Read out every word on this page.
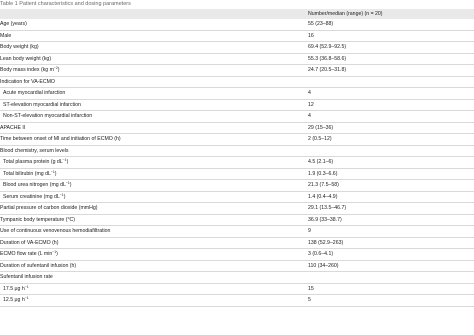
Table 1 Patient characteristics and dosing parameters
	Number/median (range) (n = 20)
Age (years)	55 (23–88)
Male	16
Body weight (kg)	69.4 (52.9–92.5)
Lean body weight (kg)	55.3 (36.8–58.6)
Body mass index (kg $m^{-2}$)	24.7 (20.5–31.8)
Indication for VA-ECMO	
Acute myocardial infarction	4
ST-elevation myocardial infarction	12
Non-ST-elevation myocardial infarction	4
APACHE II	29 (15–36)
Time between onset of MI and initiation of ECMO (h)	2 (0.5–12)
Blood chemistry, serum levels	
Total plasma protein (g $dL^{-1}$)	4.5 (2.1–6)
Total bilirubin (mg $dL^{-1}$)	1.9 (0.3–6.6)
Blood urea nitrogen (mg $dL^{-1}$)	21.3 (7.5–58)
Serum creatinine (mg $dL^{-1}$)	1.4 (0.4–4.9)
Partial pressure of carbon dioxide (mmHg)	29.1 (13.5–46.7)
Tympanic body temperature (°C)	36.9 (33–38.7)
Use of continuous venovenous hemodiafiltration	9
Duration of VA-ECMO (h)	138 (52.9–263)
ECMO flow rate (L $\min^{-1}$)	3 (0.6–4.1)
Duration of sufentanil infusion (h)	110 (34–260)
Sufentanil infusion rate	
17.5 μg $h^{-1}$	15
12.5 μg $h^{-1}$	5
